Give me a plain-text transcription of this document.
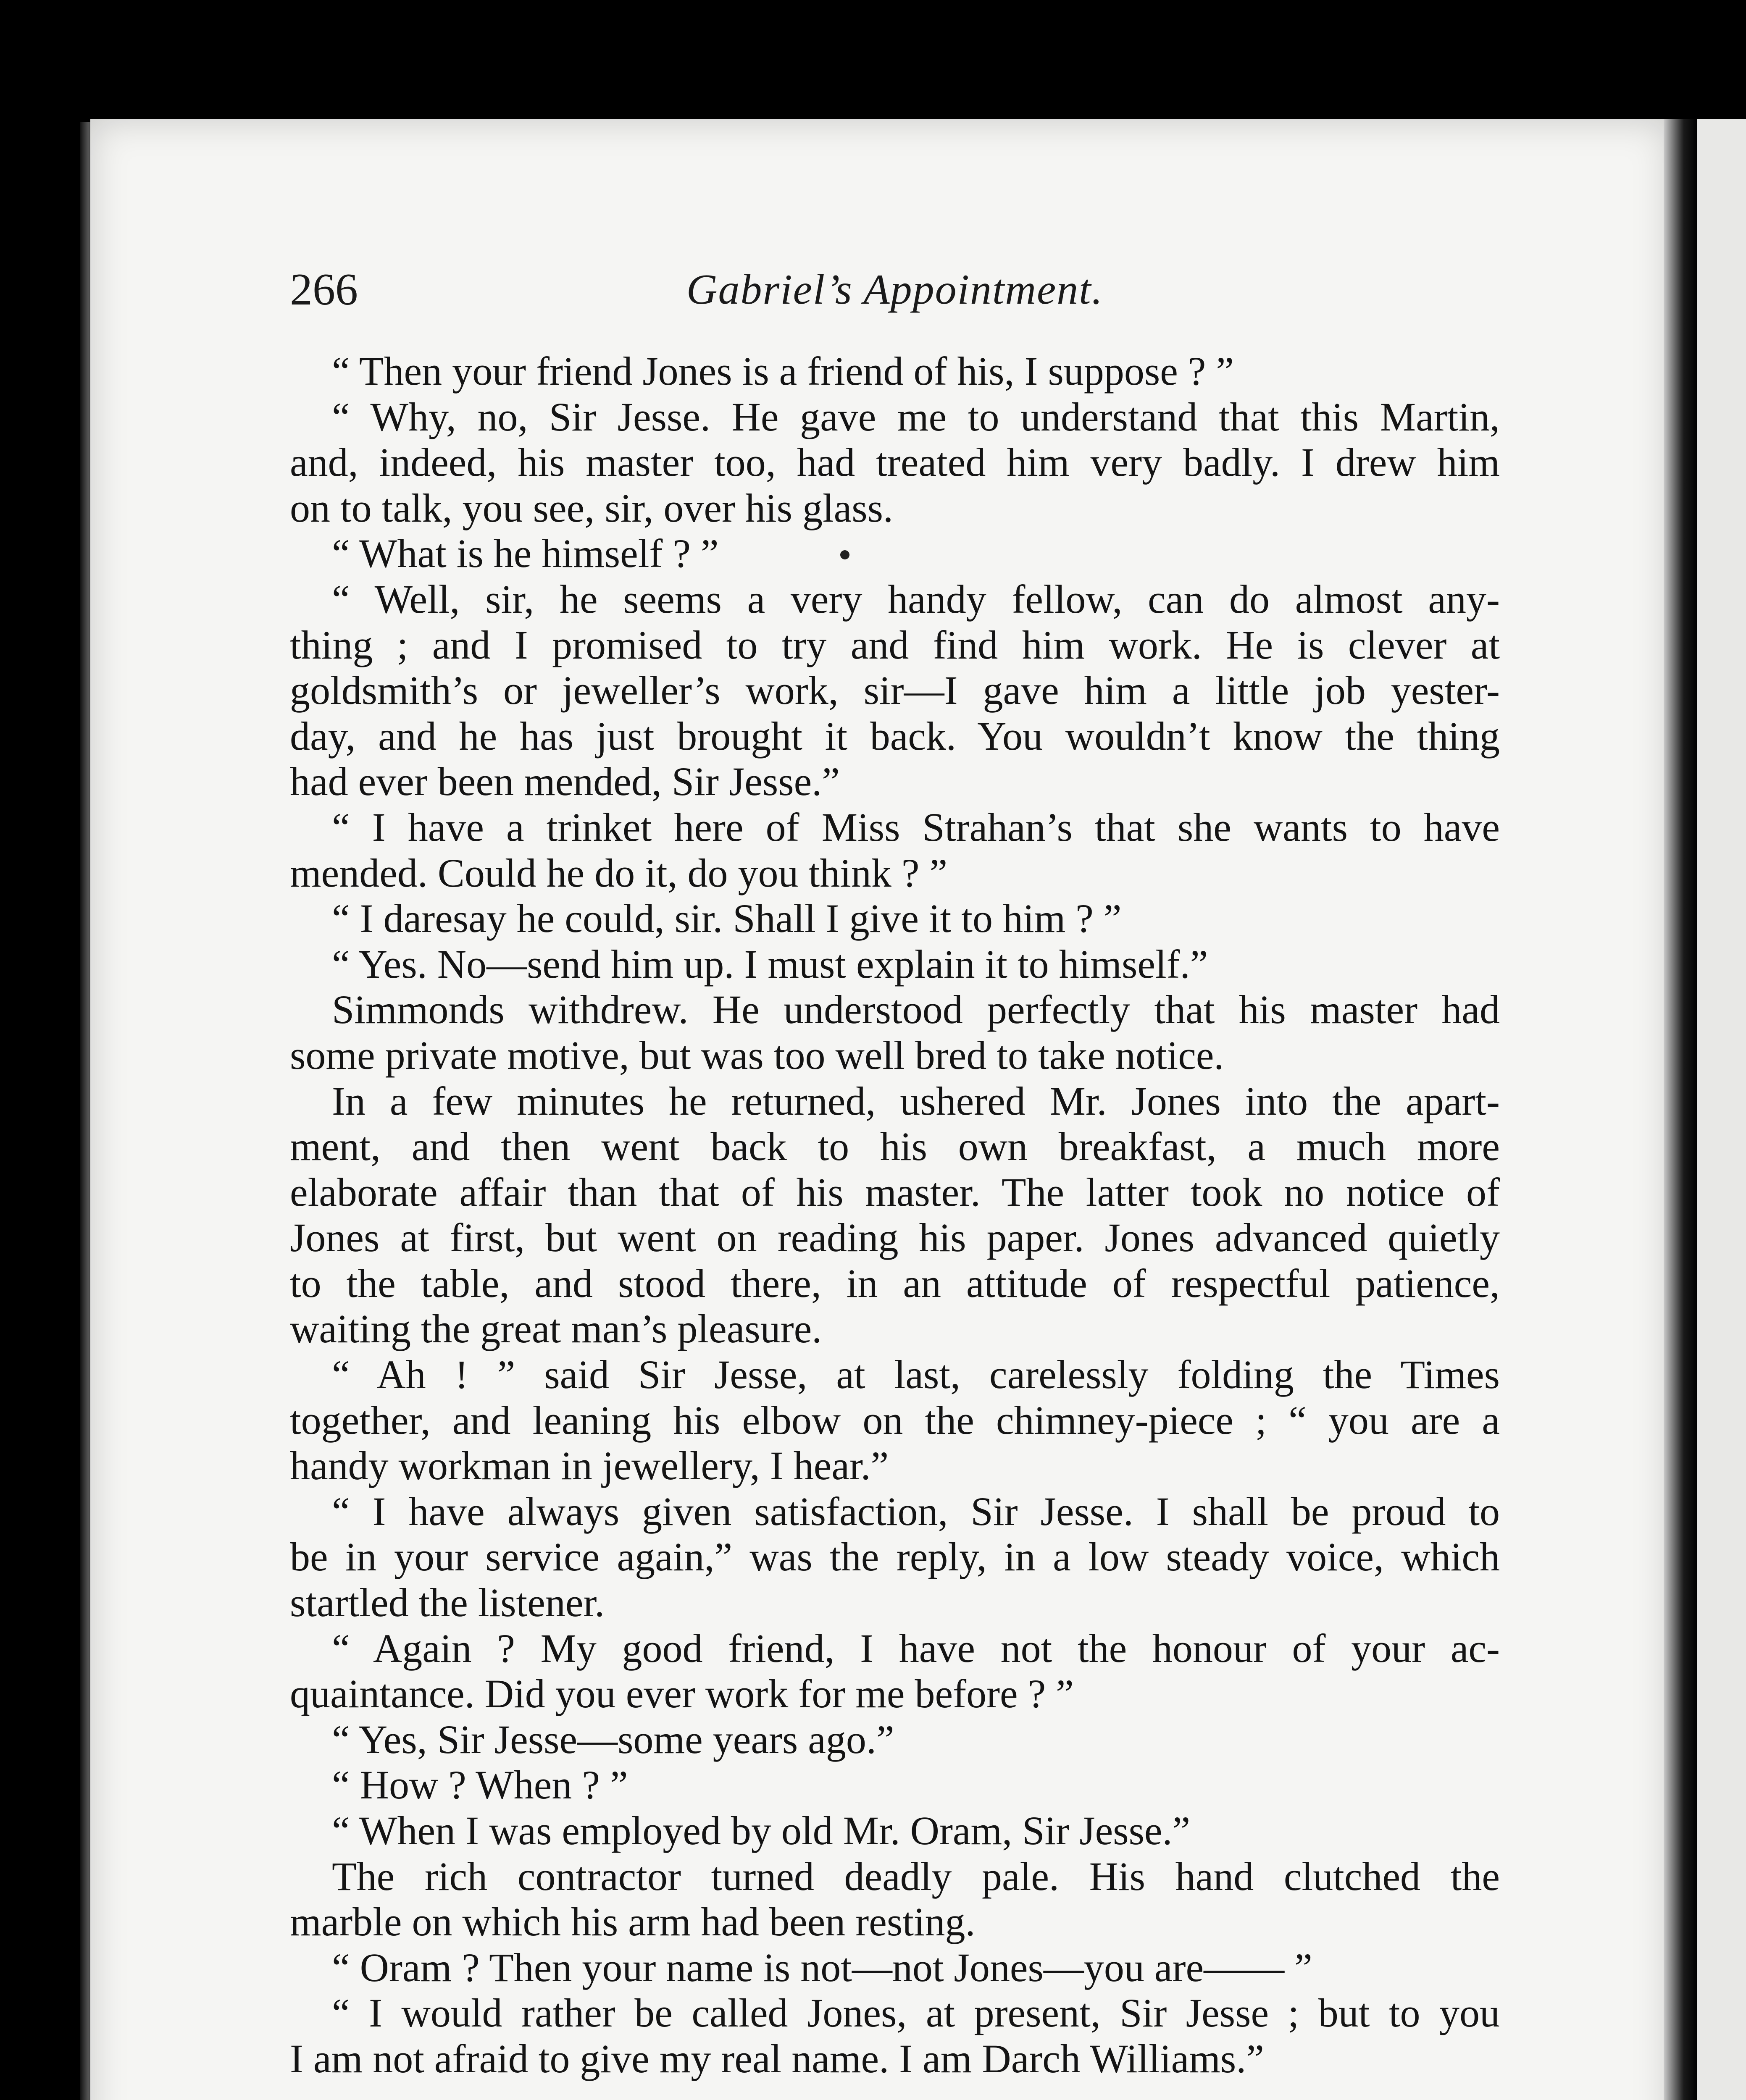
266	Gabriel’s Appointment.
“ Then your friend Jones is a friend of his, I suppose ? ”
“ Why, no, Sir Jesse. He gave me to understand that this Martin,
and, indeed, his master too, had treated him very badly. I drew him
on to talk, you see, sir, over his glass.
“ What is he himself ? ”
“ Well, sir, he seems a very handy fellow, can do almost any-
thing ; and I promised to try and find him work. He is clever at
goldsmith’s or jeweller’s work, sir—I gave him a little job yester-
day, and he has just brought it back. You wouldn’t know the thing
had ever been mended, Sir Jesse.”
“ I have a trinket here of Miss Strahan’s that she wants to have
mended. Could he do it, do you think ? ”
“ I daresay he could, sir. Shall I give it to him ? ”
“ Yes. No—send him up. I must explain it to himself.”
Simmonds withdrew. He understood perfectly that his master had
some private motive, but was too well bred to take notice.
In a few minutes he returned, ushered Mr. Jones into the apart-
ment, and then went back to his own breakfast, a much more
elaborate affair than that of his master. The latter took no notice of
Jones at first, but went on reading his paper. Jones advanced quietly
to the table, and stood there, in an attitude of respectful patience,
waiting the great man’s pleasure.
“ Ah ! ” said Sir Jesse, at last, carelessly folding the Times
together, and leaning his elbow on the chimney-piece ; “ you are a
handy workman in jewellery, I hear.”
“ I have always given satisfaction, Sir Jesse. I shall be proud to
be in your service again,” was the reply, in a low steady voice, which
startled the listener.
“ Again ? My good friend, I have not the honour of your ac-
quaintance. Did you ever work for me before ? ”
“ Yes, Sir Jesse—some years ago.”
“ How ? When ? ”
“ When I was employed by old Mr. Oram, Sir Jesse.”
The rich contractor turned deadly pale. His hand clutched the
marble on which his arm had been resting.
“ Oram ? Then your name is not—not Jones—you are—— ”
“ I would rather be called Jones, at present, Sir Jesse ; but to you
I am not afraid to give my real name. I am Darch Williams.”
